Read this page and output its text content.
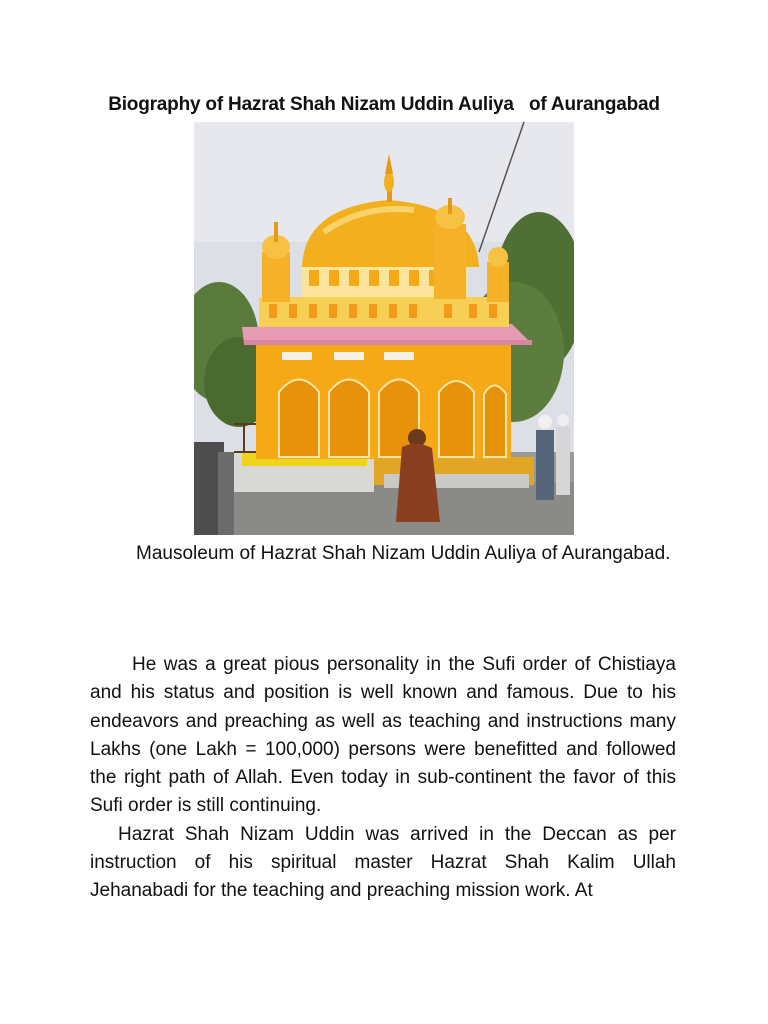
Biography of Hazrat Shah Nizam Uddin Auliya   of Aurangabad
Mausoleum of Hazrat Shah Nizam Uddin Auliya of Aurangabad.

He was a great pious personality in the Sufi order of Chistiaya and his status and position is well known and famous. Due to his endeavors and preaching as well as teaching and instructions many Lakhs (one Lakh = 100,000) persons were benefitted and followed the right path of Allah. Even today in sub-continent the favor of this Sufi order is still continuing.

Hazrat Shah Nizam Uddin was arrived in the Deccan as per instruction of his spiritual master Hazrat Shah Kalim Ullah Jehanabadi for the teaching and preaching mission work. At
